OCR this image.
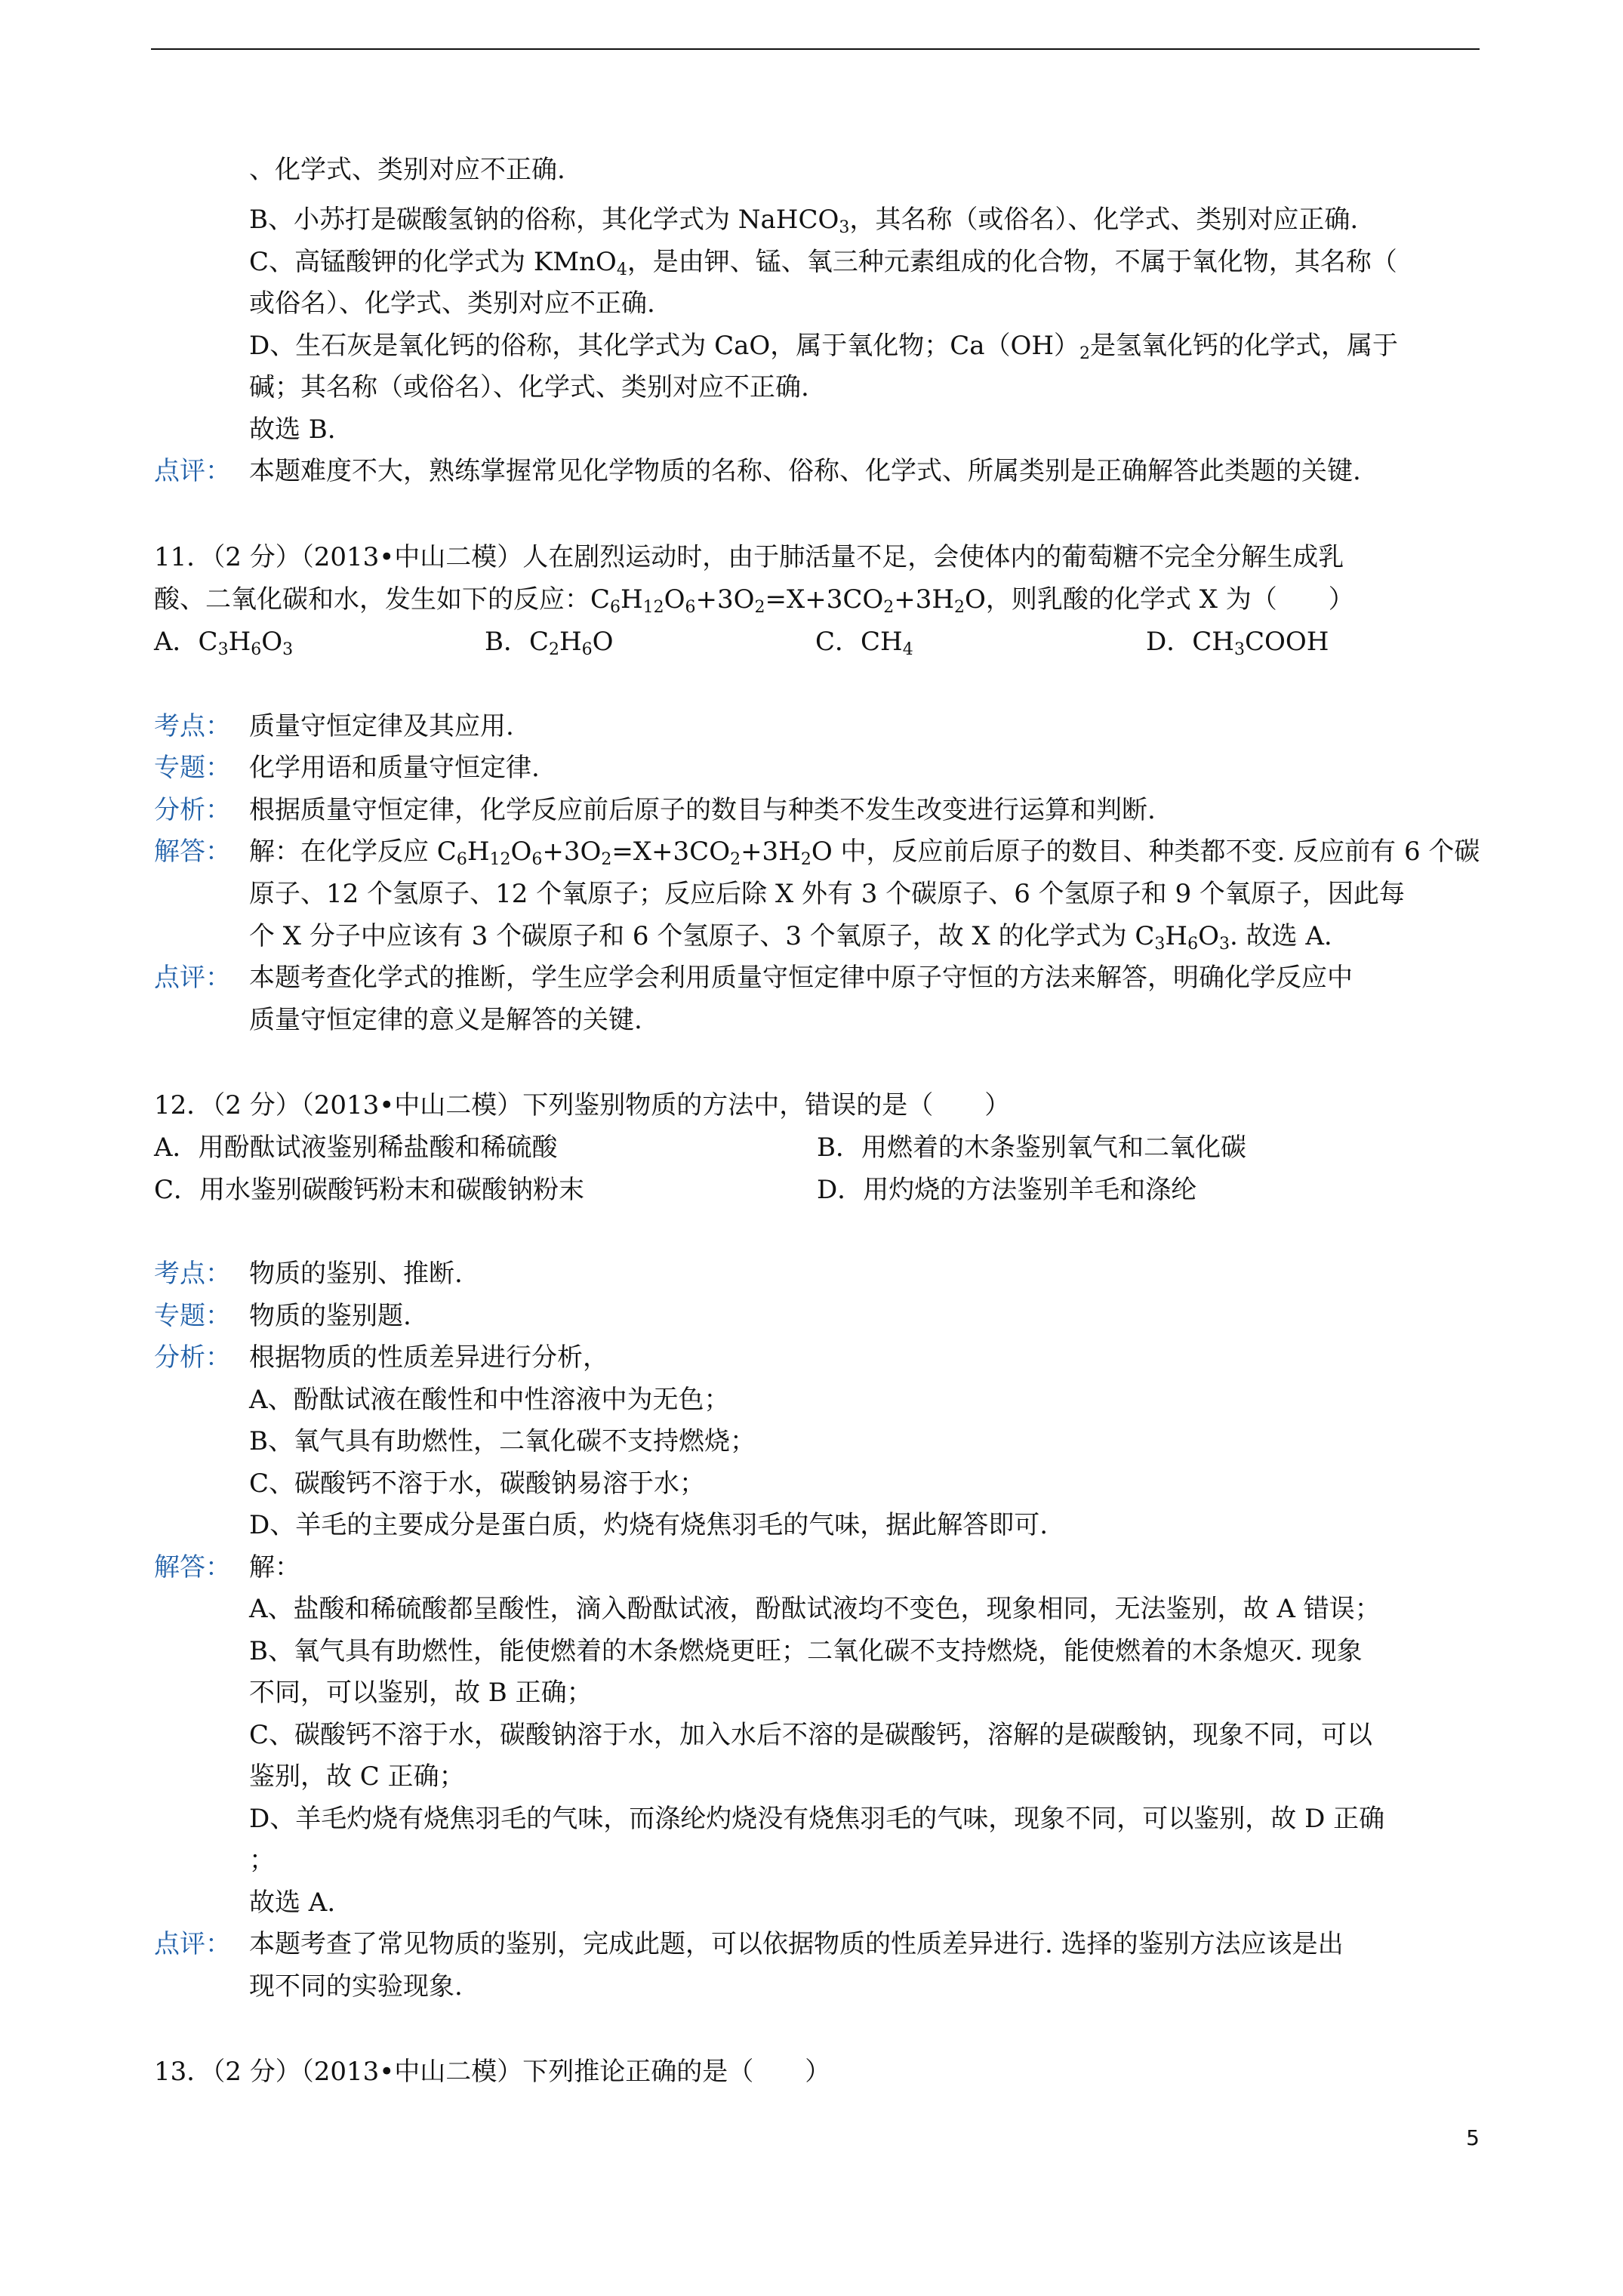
、化学式、类别对应不正确.
B、小苏打是碳酸氢钠的俗称，其化学式为 NaHCO$_3$，其名称（或俗名）、化学式、类别对应正确.
C、高锰酸钾的化学式为 KMnO$_4$，是由钾、锰、氧三种元素组成的化合物，不属于氧化物，其名称（
或俗名）、化学式、类别对应不正确.
D、生石灰是氧化钙的俗称，其化学式为 CaO，属于氧化物；$Ca(OH)_2$是氢氧化钙的化学式，属于
碱；其名称（或俗名）、化学式、类别对应不正确.
故选 B.
点评： 本题难度不大，熟练掌握常见化学物质的名称、俗称、化学式、所属类别是正确解答此类题的关键.
11．（2 分）（2013•中山二模）人在剧烈运动时，由于肺活量不足，会使体内的葡萄糖不完全分解生成乳
酸、二氧化碳和水，发生如下的反应：$C_6H_{12}O_6+3O_2=X+3CO_2+3H_2O$，则乳酸的化学式 X 为（　　）
A．$C_3H_6O_3$	B．$C_2H_6O$	C．$CH_4$	D．$CH_3COOH$
考点： 质量守恒定律及其应用.
专题： 化学用语和质量守恒定律.
分析： 根据质量守恒定律，化学反应前后原子的数目与种类不发生改变进行运算和判断.
解答： 解：在化学反应 $C_6H_{12}O_6+3O_2=X+3CO_2+3H_2O$ 中，反应前后原子的数目、种类都不变. 反应前有 6 个碳
原子、12 个氢原子、12 个氧原子；反应后除 X 外有 3 个碳原子、6 个氢原子和 9 个氧原子，因此每
个 X 分子中应该有 3 个碳原子和 6 个氢原子、3 个氧原子，故 X 的化学式为 $C_3H_6O_3$. 故选 A.
点评： 本题考查化学式的推断，学生应学会利用质量守恒定律中原子守恒的方法来解答，明确化学反应中
质量守恒定律的意义是解答的关键.
12．（2 分）（2013•中山二模）下列鉴别物质的方法中，错误的是（　　）
A．用酚酞试液鉴别稀盐酸和稀硫酸	B．用燃着的木条鉴别氧气和二氧化碳
C．用水鉴别碳酸钙粉末和碳酸钠粉末	D．用灼烧的方法鉴别羊毛和涤纶
考点： 物质的鉴别、推断.
专题： 物质的鉴别题.
分析： 根据物质的性质差异进行分析，
A、酚酞试液在酸性和中性溶液中为无色；
B、氧气具有助燃性，二氧化碳不支持燃烧；
C、碳酸钙不溶于水，碳酸钠易溶于水；
D、羊毛的主要成分是蛋白质，灼烧有烧焦羽毛的气味，据此解答即可.
解答： 解：
A、盐酸和稀硫酸都呈酸性，滴入酚酞试液，酚酞试液均不变色，现象相同，无法鉴别，故 A 错误；
B、氧气具有助燃性，能使燃着的木条燃烧更旺；二氧化碳不支持燃烧，能使燃着的木条熄灭. 现象
不同，可以鉴别，故 B 正确；
C、碳酸钙不溶于水，碳酸钠溶于水，加入水后不溶的是碳酸钙，溶解的是碳酸钠，现象不同，可以
鉴别，故 C 正确；
D、羊毛灼烧有烧焦羽毛的气味，而涤纶灼烧没有烧焦羽毛的气味，现象不同，可以鉴别，故 D 正确
；
故选 A.
点评： 本题考查了常见物质的鉴别，完成此题，可以依据物质的性质差异进行. 选择的鉴别方法应该是出
现不同的实验现象.
13．（2 分）（2013•中山二模）下列推论正确的是（　　）
5
